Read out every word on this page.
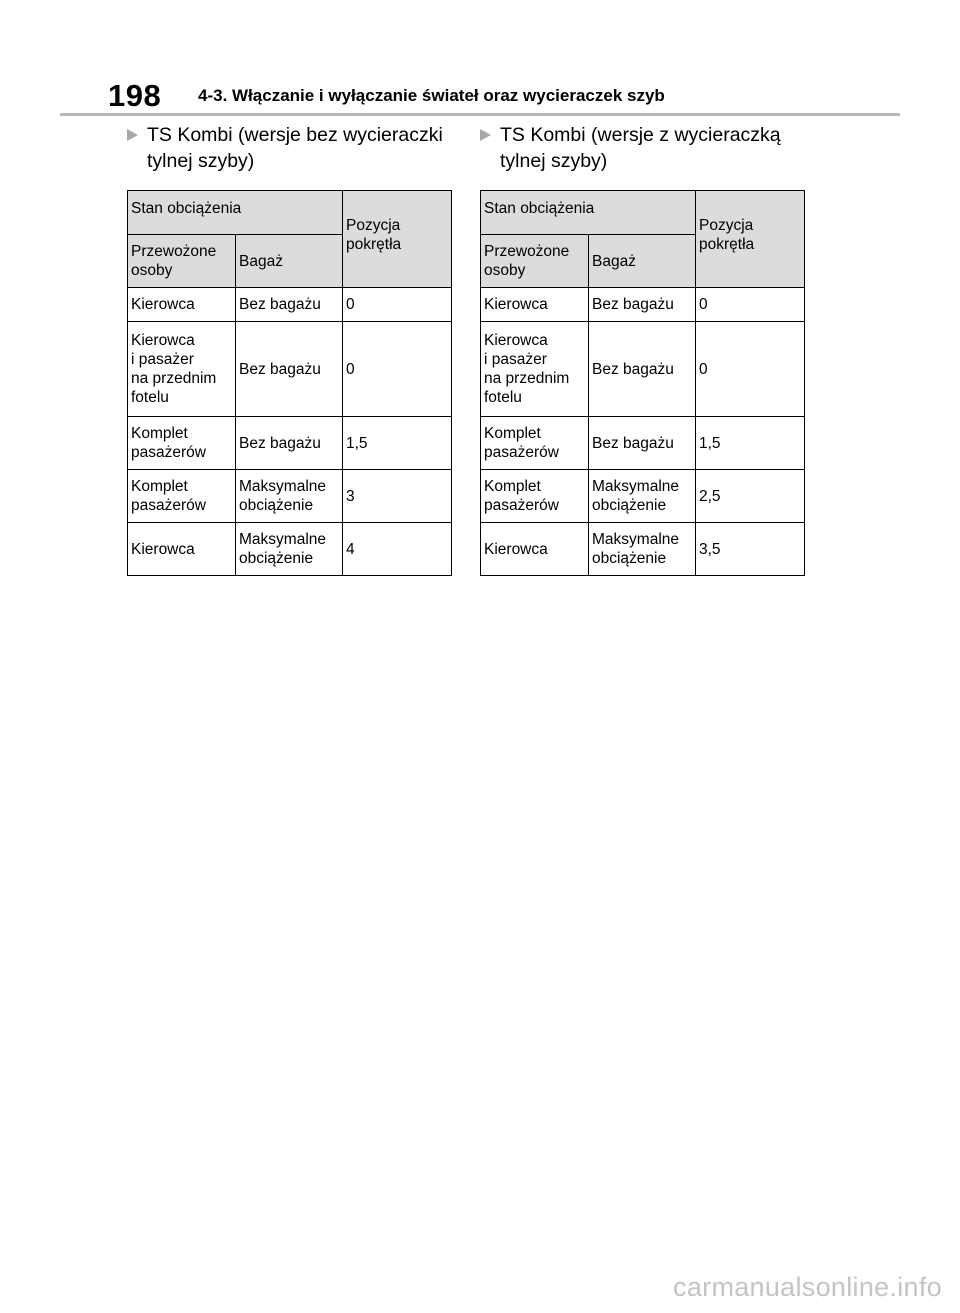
198 4-3. Włączanie i wyłączanie świateł oraz wycieraczek szyb
TS Kombi (wersje bez wycieraczki
tylnej szyby)
Stan obciążenia		Pozycja
pokrętła
Przewożone
osoby	Bagaż	
Kierowca	Bez bagażu	0
Kierowca
i pasażer
na przednim
fotelu	Bez bagażu	0
Komplet
pasażerów	Bez bagażu	1,5
Komplet
pasażerów	Maksymalne
obciążenie	3
Kierowca	Maksymalne
obciążenie	4
TS Kombi (wersje z wycieraczką
tylnej szyby)
Stan obciążenia		Pozycja
pokrętła
Przewożone
osoby	Bagaż	
Kierowca	Bez bagażu	0
Kierowca
i pasażer
na przednim
fotelu	Bez bagażu	0
Komplet
pasażerów	Bez bagażu	1,5
Komplet
pasażerów	Maksymalne
obciążenie	2,5
Kierowca	Maksymalne
obciążenie	3,5
carmanualsonline.info
